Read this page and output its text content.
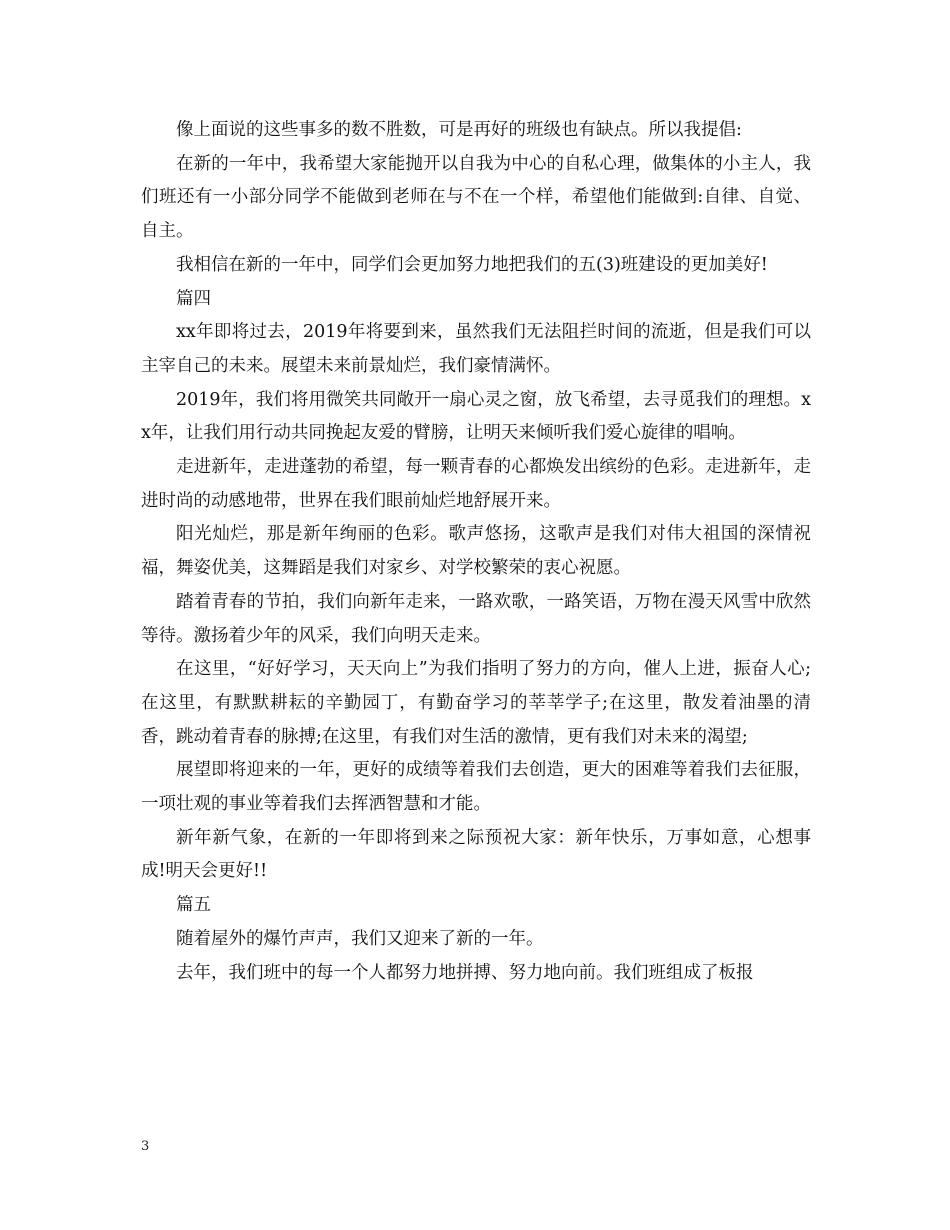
像上面说的这些事多的数不胜数，可是再好的班级也有缺点。所以我提倡:

在新的一年中，我希望大家能抛开以自我为中心的自私心理，做集体的小主人，我们班还有一小部分同学不能做到老师在与不在一个样，希望他们能做到:自律、自觉、自主。

我相信在新的一年中，同学们会更加努力地把我们的五(3)班建设的更加美好!

篇四

xx年即将过去，2019年将要到来，虽然我们无法阻拦时间的流逝，但是我们可以主宰自己的未来。展望未来前景灿烂，我们豪情满怀。

2019年，我们将用微笑共同敞开一扇心灵之窗，放飞希望，去寻觅我们的理想。xx年，让我们用行动共同挽起友爱的臂膀，让明天来倾听我们爱心旋律的唱响。

走进新年，走进蓬勃的希望，每一颗青春的心都焕发出缤纷的色彩。走进新年，走进时尚的动感地带，世界在我们眼前灿烂地舒展开来。

阳光灿烂，那是新年绚丽的色彩。歌声悠扬，这歌声是我们对伟大祖国的深情祝福，舞姿优美，这舞蹈是我们对家乡、对学校繁荣的衷心祝愿。

踏着青春的节拍，我们向新年走来，一路欢歌，一路笑语，万物在漫天风雪中欣然等待。激扬着少年的风采，我们向明天走来。

在这里，“好好学习，天天向上”为我们指明了努力的方向，催人上进，振奋人心;在这里，有默默耕耘的辛勤园丁，有勤奋学习的莘莘学子;在这里，散发着油墨的清香，跳动着青春的脉搏;在这里，有我们对生活的激情，更有我们对未来的渴望;

展望即将迎来的一年，更好的成绩等着我们去创造，更大的困难等着我们去征服，一项壮观的事业等着我们去挥洒智慧和才能。

新年新气象，在新的一年即将到来之际预祝大家：新年快乐，万事如意，心想事成!明天会更好!!

篇五

随着屋外的爆竹声声，我们又迎来了新的一年。

去年，我们班中的每一个人都努力地拼搏、努力地向前。我们班组成了板报

3
